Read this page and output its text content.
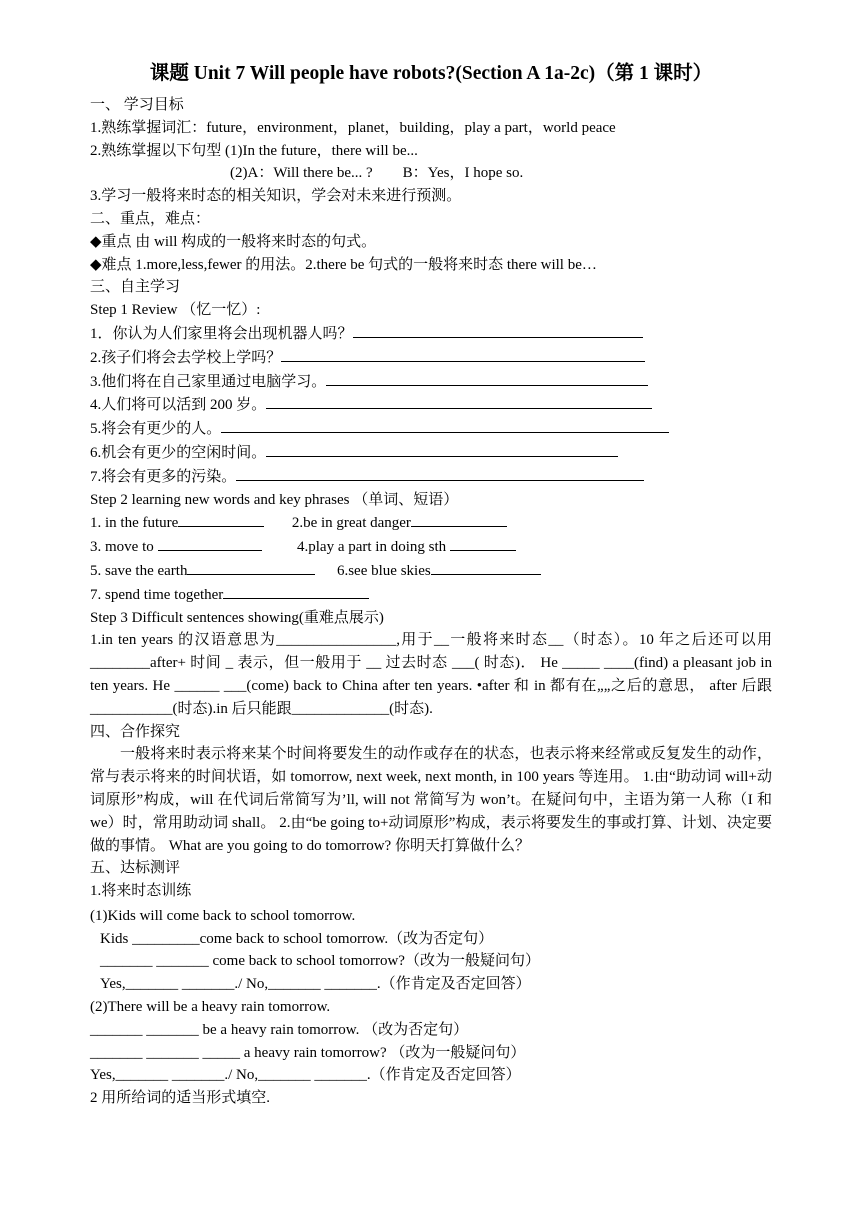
课题 Unit 7 Will people have robots?(Section A 1a-2c)（第 1 课时）
一、 学习目标
1.熟练掌握词汇：future，environment，planet，building，play a part，world peace
2.熟练掌握以下句型 (1)In the future，there will be...
(2)A：Will there be... ?        B：Yes，I hope so.
3.学习一般将来时态的相关知识，学会对未来进行预测。
二、重点，难点：
◆重点 由 will 构成的一般将来时态的句式。
◆难点 1.more,less,fewer 的用法。2.there be 句式的一般将来时态 there will be…
三、自主学习
Step 1 Review （忆一忆）:
1．你认为人们家里将会出现机器人吗？
2.孩子们将会去学校上学吗？
3.他们将在自己家里通过电脑学习。
4.人们将可以活到 200 岁。
5.将会有更少的人。
6.机会有更少的空闲时间。
7.将会有更多的污染。
Step 2 learning new words and key phrases （单词、短语）
1. in the future	2.be in great danger
3. move to	4.play a part in doing sth
5. save the earth	6.see blue skies
7. spend time together
Step 3 Difficult sentences showing(重难点展示)
1.in ten years 的汉语意思为________________,用于__一般将来时态__（时态）。10 年之后还可以用 ________after+ 时间 _ 表示，但一般用于 __ 过去时态 ___( 时态)． He _____ ____(find) a pleasant job in ten years. He ______ ___(come) back to China after ten years. •after 和 in 都有在„„之后的意思， after 后跟___________(时态).in 后只能跟_____________(时态).
四、合作探究
一般将来时表示将来某个时间将要发生的动作或存在的状态，也表示将来经常或反复发生的动作，常与表示将来的时间状语，如 tomorrow, next week, next month, in 100 years 等连用。 1.由“助动词 will+动词原形”构成，will 在代词后常简写为’ll, will not 常简写为 won’t。在疑问句中，主语为第一人称（I 和 we）时，常用助动词 shall。 2.由“be going to+动词原形”构成，表示将要发生的事或打算、计划、决定要做的事情。 What are you going to do tomorrow? 你明天打算做什么？
五、达标测评
1.将来时态训练
(1)Kids will come back to school tomorrow.
Kids _________come back to school tomorrow.（改为否定句）
_______ _______ come back to school tomorrow?（改为一般疑问句）
Yes,_______ _______./ No,_______ _______.（作肯定及否定回答）
(2)There will be a heavy rain tomorrow.
_______ _______ be a heavy rain tomorrow. （改为否定句）
_______ _______ _____ a heavy rain tomorrow? （改为一般疑问句）
Yes,_______ _______./ No,_______ _______.（作肯定及否定回答）
2 用所给词的适当形式填空.
